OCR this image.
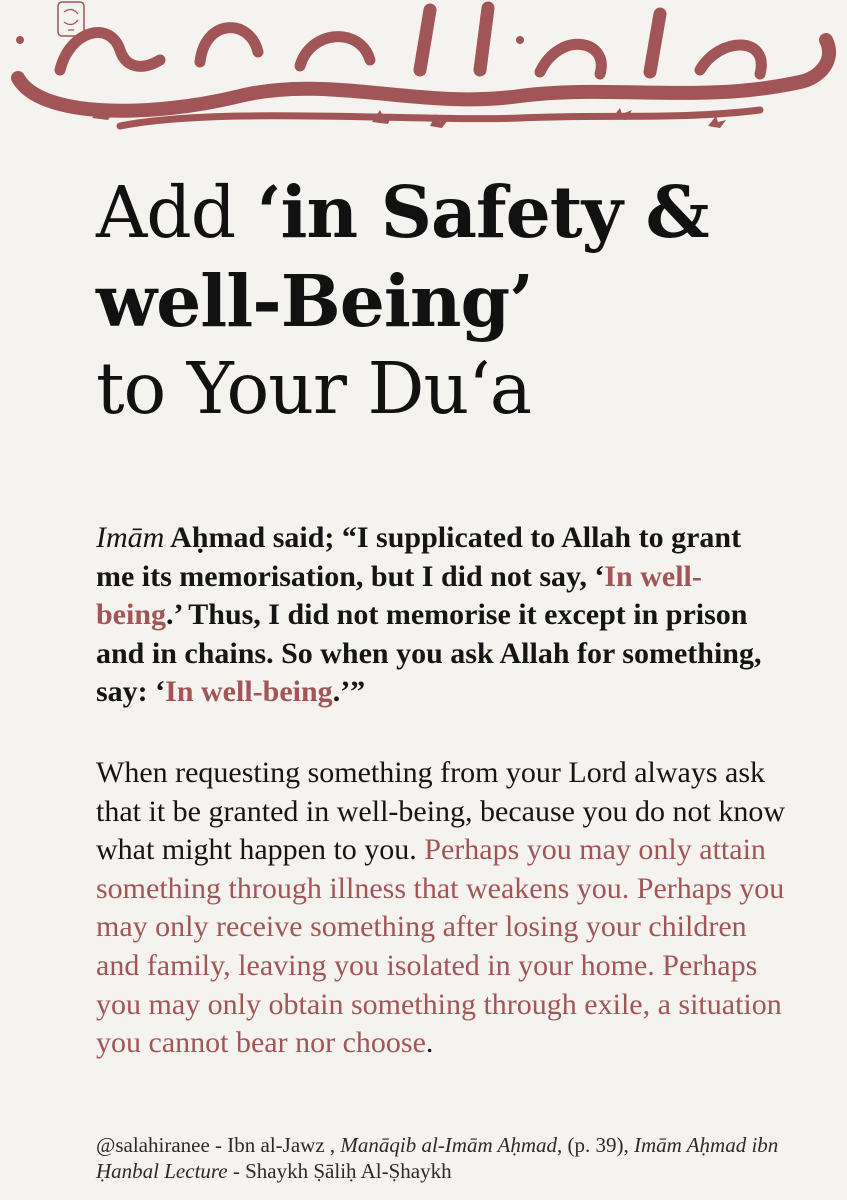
Add ‘in Safety &
well-Being’
to Your Du‘a

Imām Aḥmad said; “I supplicated to Allah to grant me its memorisation, but I did not say, ‘In well-being.’ Thus, I did not memorise it except in prison and in chains. So when you ask Allah for something, say: ‘In well-being.’”

When requesting something from your Lord always ask that it be granted in well-being, because you do not know what might happen to you. Perhaps you may only attain something through illness that weakens you. Perhaps you may only receive something after losing your children and family, leaving you isolated in your home. Perhaps you may only obtain something through exile, a situation you cannot bear nor choose.

@salahiranee - Ibn al-Jawz , Manāqib al-Imām Aḥmad, (p. 39), Imām Aḥmad ibn Ḥanbal Lecture - Shaykh Ṣāliḥ Al-Ṣhaykh
